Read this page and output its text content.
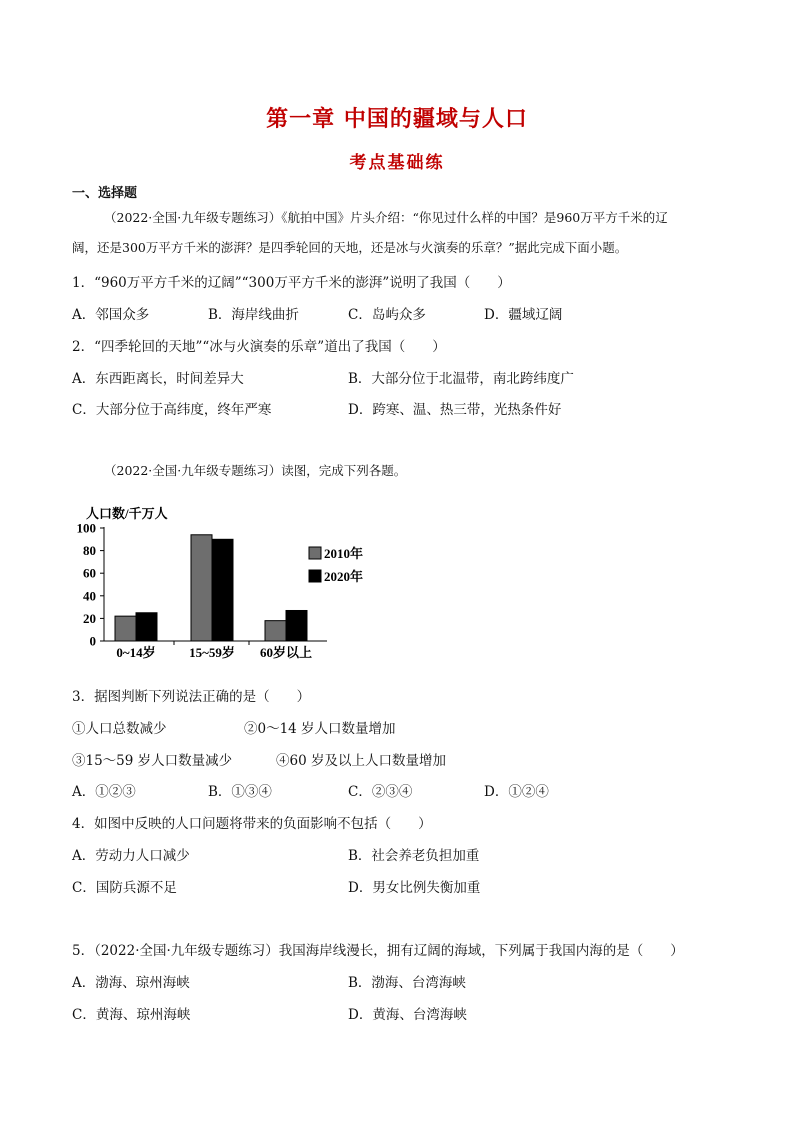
第一章 中国的疆域与人口
考点基础练
一、选择题
（2022·全国·九年级专题练习）《航拍中国》片头介绍：“你见过什么样的中国？是960万平方千米的辽
阔，还是300万平方千米的澎湃？是四季轮回的天地，还是冰与火演奏的乐章？”据此完成下面小题。
1．“960万平方千米的辽阔”“300万平方千米的澎湃”说明了我国（　　）
A．邻国众多	B．海岸线曲折	C．岛屿众多	D．疆域辽阔
2．“四季轮回的天地”“冰与火演奏的乐章”道出了我国（　　）
A．东西距离长，时间差异大	B．大部分位于北温带，南北跨纬度广
C．大部分位于高纬度，终年严寒	D．跨寒、温、热三带，光热条件好
（2022·全国·九年级专题练习）读图，完成下列各题。
人口数/千万人
0
20
40
60
80
100
0~14岁	15~59岁 60岁以上
2010年
2020年
3．据图判断下列说法正确的是（　　）
①人口总数减少	②0～14 岁人口数量增加
③15～59 岁人口数量减少	④60 岁及以上人口数量增加
A．①②③	B．①③④	C．②③④	D．①②④
4．如图中反映的人口问题将带来的负面影响不包括（　　）
A．劳动力人口减少	B．社会养老负担加重
C．国防兵源不足	D．男女比例失衡加重
5．（2022·全国·九年级专题练习）我国海岸线漫长，拥有辽阔的海域，下列属于我国内海的是（　　）
A．渤海、琼州海峡	B．渤海、台湾海峡
C．黄海、琼州海峡	D．黄海、台湾海峡
